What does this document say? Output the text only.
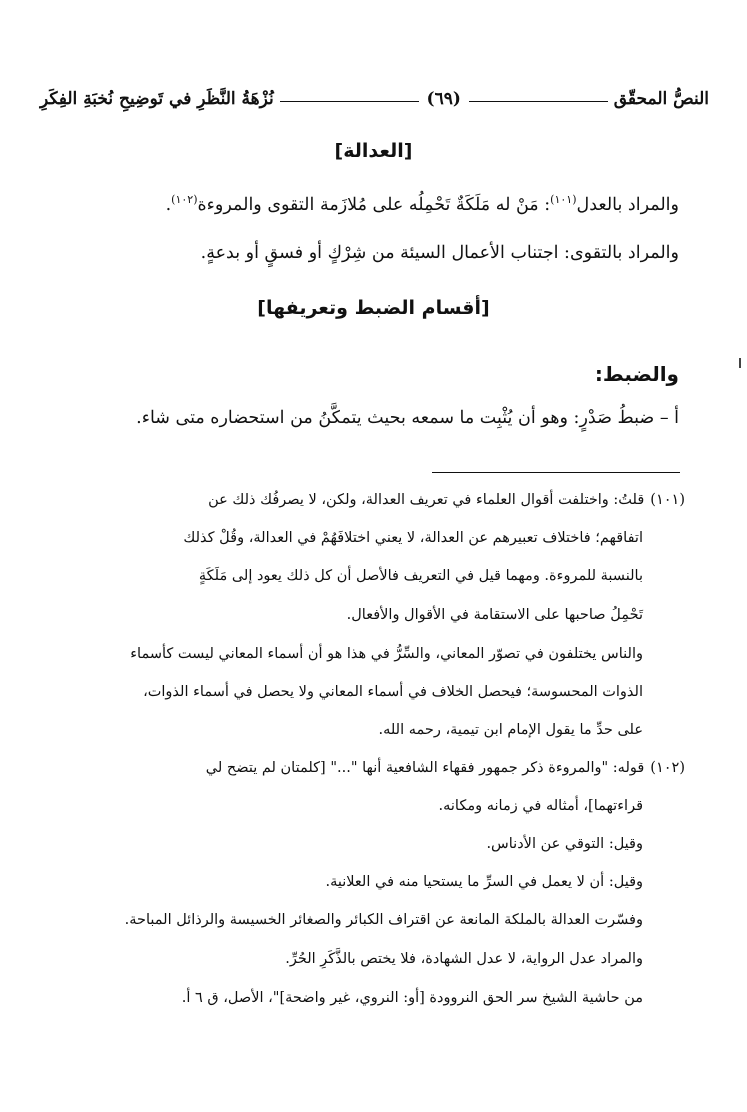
النصُّ المحقّق
(٦٩)
نُزْهَةُ النَّظَرِ في تَوضِيحِ نُخبَةِ الفِكَرِ
[العدالة]
والمراد بالعدل$^{(١٠١)}$: مَنْ له مَلَكَةٌ تَحْمِلُه على مُلازَمة التقوى والمروءة$^{(١٠٢)}$.
والمراد بالتقوى: اجتناب الأعمال السيئة من شِرْكٍ أو فسقٍ أو بدعةٍ.
[أقسام الضبط وتعريفها]
والضبط:
أ – ضبطُ صَدْرٍ: وهو أن يُثْبِت ما سمعه بحيث يتمكَّنُ من استحضاره متى شاء.
(١٠١)قلتُ: واختلفت أقوال العلماء في تعريف العدالة، ولكن، لا يصرفُك ذلك عن
اتفاقهم؛ فاختلاف تعبيرهم عن العدالة، لا يعني اختلافَهُمْ في العدالة، وقُلْ كذلك
بالنسبة للمروءة. ومهما قيل في التعريف فالأصل أن كل ذلك يعود إلى مَلَكَةٍ
تَحْمِلُ صاحبها على الاستقامة في الأقوال والأفعال.
والناس يختلفون في تصوّر المعاني، والسِّرُّ في هذا هو أن أسماء المعاني ليست كأسماء
الذوات المحسوسة؛ فيحصل الخلاف في أسماء المعاني ولا يحصل في أسماء الذوات،
على حدِّ ما يقول الإمام ابن تيمية، رحمه الله.
(١٠٢)قوله: "والمروءة ذكر جمهور فقهاء الشافعية أنها "..." [كلمتان لم يتضح لي
قراءتهما]، أمثاله في زمانه ومكانه.
وقيل: التوقي عن الأدناس.
وقيل: أن لا يعمل في السرِّ ما يستحيا منه في العلانية.
وفسّرت العدالة بالملكة المانعة عن اقتراف الكبائر والصغائر الخسيسة والرذائل المباحة.
والمراد عدل الرواية، لا عدل الشهادة، فلا يختص بالذَّكَرِ الحُرِّ.
من حاشية الشيخ سر الحق النروودة [أو: النروي، غير واضحة]"، الأصل، ق ٦ أ.
